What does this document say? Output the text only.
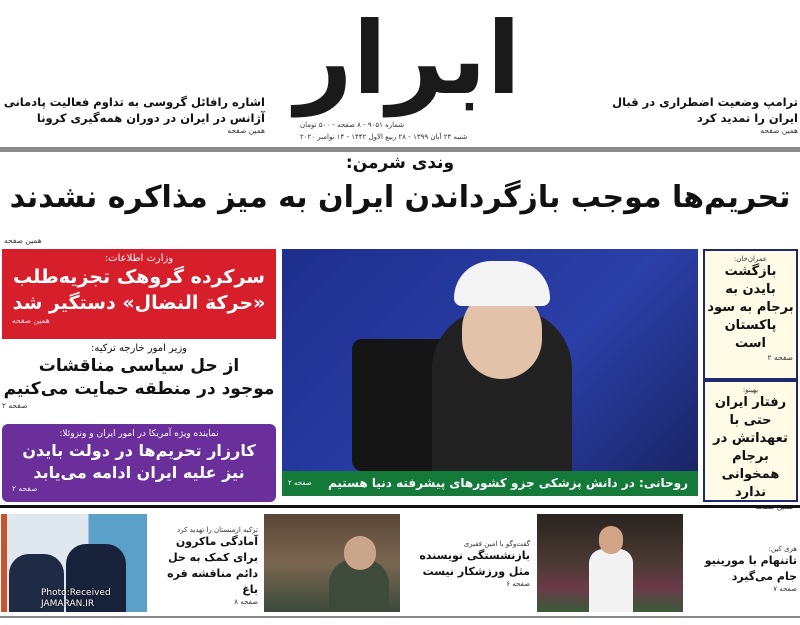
ابرار
شماره ۹۰۵۱ - ۸ صفحه - ۵۰۰ تومان
شنبه ۲۴ آبان ۱۳۹۹ - ۲۸ ربیع الاول ۱۴۴۲ - ۱۴ نوامبر ۲۰۲۰
اشاره رافائل گروسی به تداوم فعالیت پادمانی آژانس در ایران در دوران همه‌گیری کرونا
همین صفحه
ترامپ وضعیت اضطراری در قبال ایران را تمدید کرد
همین صفحه
وندی شرمن:
تحریم‌ها موجب بازگرداندن ایران به میز مذاکره نشدند
همین صفحه
وزارت اطلاعات:
سرکرده گروهک تجزیه‌طلب
«حرکة النضال» دستگیر شد
همین صفحه
وزیر امور خارجه ترکیه:
از حل سیاسی مناقشات
موجود در منطقه حمایت می‌کنیم
صفحه ۲
نماینده ویژه آمریکا در امور ایران و ونزوئلا:
کارزار تحریم‌ها در دولت بایدن
نیز علیه ایران ادامه می‌یابد
صفحه ۲	روحانی: در دانش پزشکی جزو کشورهای پیشرفته دنیا هستیم
صفحه ۲
عمران‌خان:
بازگشت بایدن به برجام به سود پاکستان است
صفحه ۲
بهینو:
رفتار ایران حتی با تعهداتش در برجام همخوانی ندارد
Photo:Received
JAMARAN.IR
ترکیه ارمنستان را تهدید کرد
آمادگی ماکرون برای کمک به حل دائم مناقشه قره باغ
صفحه ۸
گفت‌وگو با امین فقیری
بازنشستگی نویسنده مثل ورزشکار نیست
صفحه ۶
هری کین:
تاتنهام با مورینیو جام می‌گیرد
صفحه ۷
